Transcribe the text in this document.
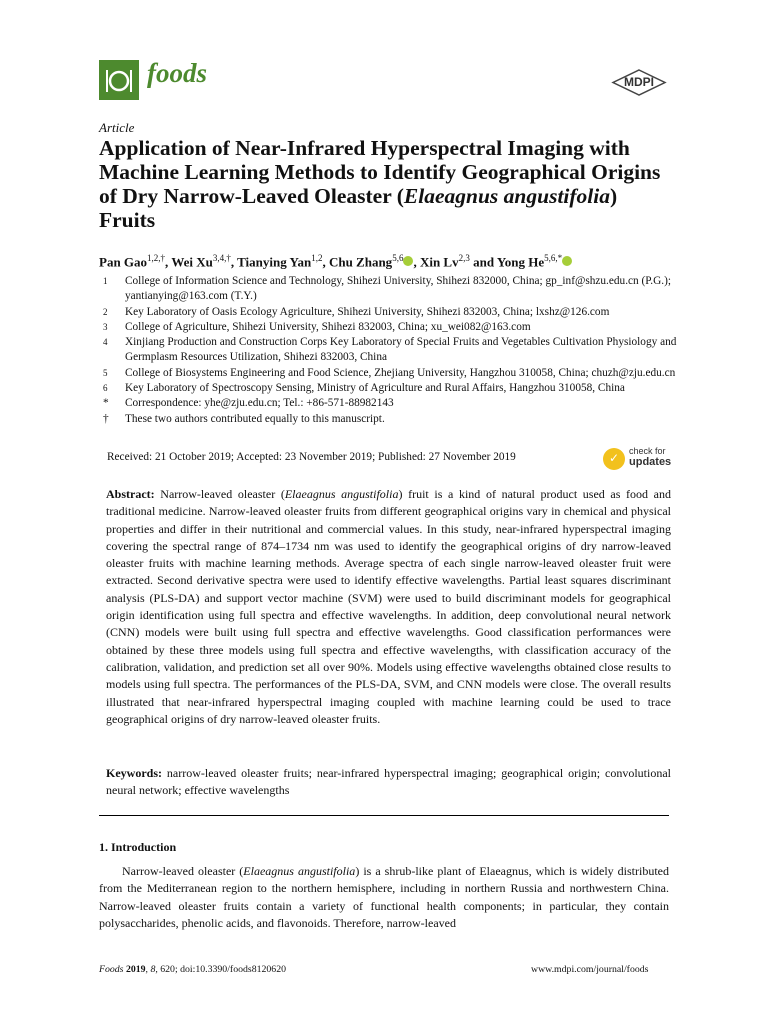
foods	MDPI
Article
Application of Near-Infrared Hyperspectral Imaging with Machine Learning Methods to Identify Geographical Origins of Dry Narrow-Leaved Oleaster (Elaeagnus angustifolia) Fruits
Pan Gao$^{1,2,\dagger}$, Wei $Xu^{3,4,\dagger}$, Tianying Yan$^{1,2}$, Chu Zhang$^{5,6}$ , Xin Lv$^{2,3}$ and Yong $He^{5,6,*}$
1	College of Information Science and Technology, Shihezi University, Shihezi 832000, China; gp_inf@shzu.edu.cn (P.G.); yantianying@163.com (T.Y.)
2	Key Laboratory of Oasis Ecology Agriculture, Shihezi University, Shihezi 832003, China; lxshz@126.com
3	College of Agriculture, Shihezi University, Shihezi 832003, China; xu_wei082@163.com
4	Xinjiang Production and Construction Corps Key Laboratory of Special Fruits and Vegetables Cultivation Physiology and Germplasm Resources Utilization, Shihezi 832003, China
5	College of Biosystems Engineering and Food Science, Zhejiang University, Hangzhou 310058, China; chuzh@zju.edu.cn
6	Key Laboratory of Spectroscopy Sensing, Ministry of Agriculture and Rural Affairs, Hangzhou 310058, China
*	Correspondence: yhe@zju.edu.cn; Tel.: +86-571-88982143
†	These two authors contributed equally to this manuscript.
Received: 21 October 2019; Accepted: 23 November 2019; Published: 27 November 2019	✓ check for
updates
Abstract: Narrow-leaved oleaster (Elaeagnus angustifolia) fruit is a kind of natural product used as food and traditional medicine. Narrow-leaved oleaster fruits from different geographical origins vary in chemical and physical properties and differ in their nutritional and commercial values. In this study, near-infrared hyperspectral imaging covering the spectral range of 874–1734 nm was used to identify the geographical origins of dry narrow-leaved oleaster fruits with machine learning methods. Average spectra of each single narrow-leaved oleaster fruit were extracted. Second derivative spectra were used to identify effective wavelengths. Partial least squares discriminant analysis (PLS-DA) and support vector machine (SVM) were used to build discriminant models for geographical origin identification using full spectra and effective wavelengths. In addition, deep convolutional neural network (CNN) models were built using full spectra and effective wavelengths. Good classification performances were obtained by these three models using full spectra and effective wavelengths, with classification accuracy of the calibration, validation, and prediction set all over 90%. Models using effective wavelengths obtained close results to models using full spectra. The performances of the PLS-DA, SVM, and CNN models were close. The overall results illustrated that near-infrared hyperspectral imaging coupled with machine learning could be used to trace geographical origins of dry narrow-leaved oleaster fruits.
Keywords: narrow-leaved oleaster fruits; near-infrared hyperspectral imaging; geographical origin; convolutional neural network; effective wavelengths
1. Introduction
Narrow-leaved oleaster (Elaeagnus angustifolia) is a shrub-like plant of Elaeagnus, which is widely distributed from the Mediterranean region to the northern hemisphere, including in northern Russia and northwestern China. Narrow-leaved oleaster fruits contain a variety of functional health components; in particular, they contain polysaccharides, phenolic acids, and flavonoids. Therefore, narrow-leaved
Foods 2019, 8, 620; doi:10.3390/foods8120620	www.mdpi.com/journal/foods
